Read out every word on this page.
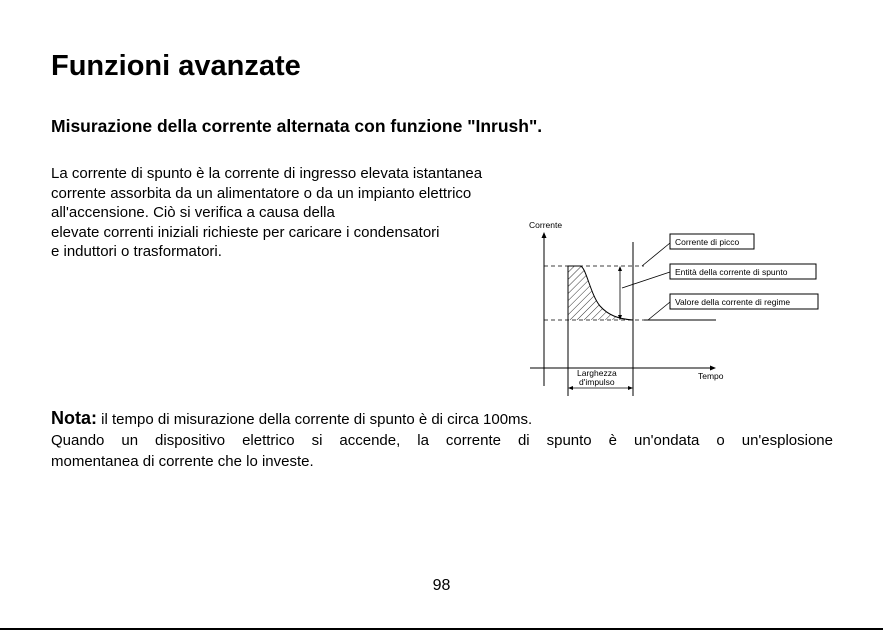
Funzioni avanzate
Misurazione della corrente alternata con funzione "Inrush".

La corrente di spunto è la corrente di ingresso elevata istantanea
corrente assorbita da un alimentatore o da un impianto elettrico
all'accensione. Ciò si verifica a causa della
elevate correnti iniziali richieste per caricare i condensatori
e induttori o trasformatori.

Corrente
Tempo
Larghezza
d'impulso
Corrente di picco
Entità della corrente di spunto
Valore della corrente di regime

Nota: il tempo di misurazione della corrente di spunto è di circa 100ms.
Quando un dispositivo elettrico si accende, la corrente di spunto è un'ondata o un'esplosione
momentanea di corrente che lo investe.

98
